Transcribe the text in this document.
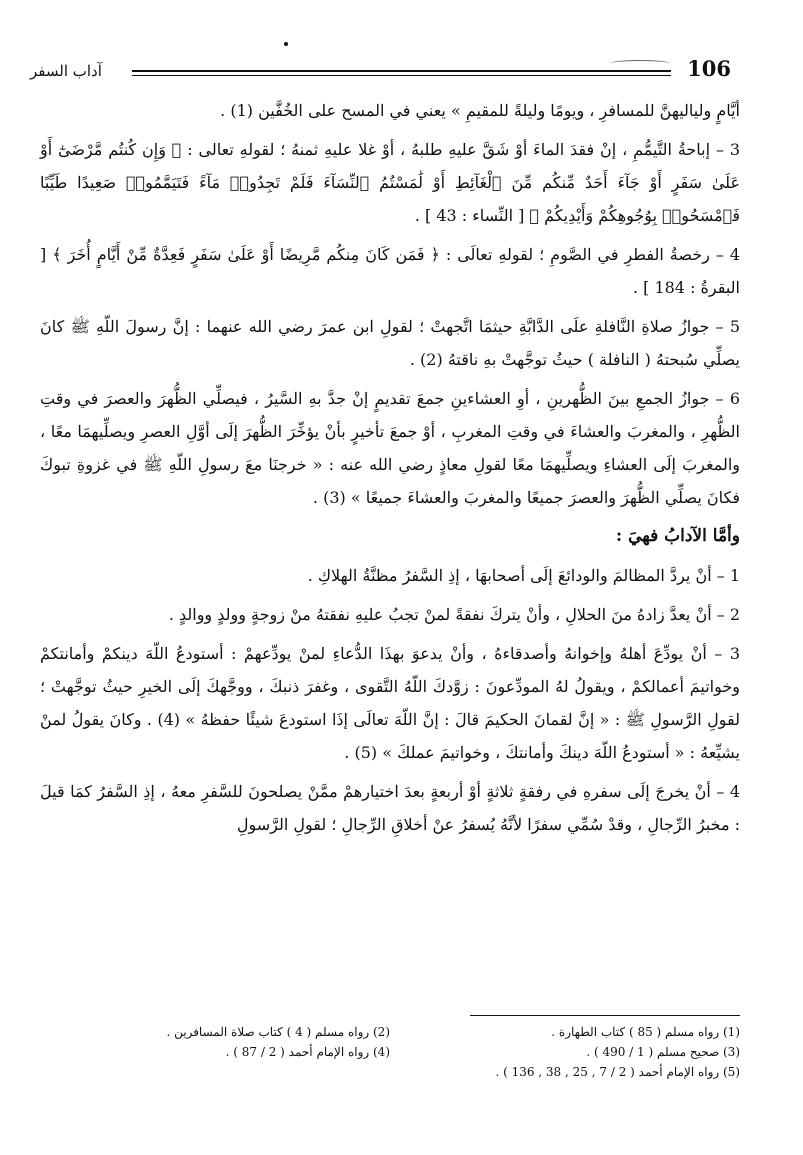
آداب السفر	106

أيَّامٍ ولياليهنَّ للمسافرِ ، ويومًا وليلةً للمقيمِ » يعني في المسح على الخُفَّين (1) .

3 – إباحةُ التَّيمُّمِ ، إنْ فقدَ الماءَ أوْ شَقَّ عليهِ طلبهُ ، أوْ غلا عليهِ ثمنهُ ؛ لقولهِ تعالى : ﴿ وَإِن كُنتُم مَّرْضَىٰٓ أَوْ عَلَىٰ سَفَرٍ أَوْ جَآءَ أَحَدٌ مِّنكُم مِّنَ ٱلْغَآئِطِ أَوْ لَٰمَسْتُمُ ٱلنِّسَآءَ فَلَمْ تَجِدُوا۟ مَآءً فَتَيَمَّمُوا۟ صَعِيدًا طَيِّبًا فَٱمْسَحُوا۟ بِوُجُوهِكُمْ وَأَيْدِيكُمْ ﴾ [ النِّساء : 43 ] .

4 – رخصةُ الفطرِ في الصَّومِ ؛ لقولهِ تعالَى : ﴿ فَمَن كَانَ مِنكُم مَّرِيضًا أَوْ عَلَىٰ سَفَرٍ فَعِدَّةٌ مِّنْ أَيَّامٍ أُخَرَ ﴾ [ البقرةُ : 184 ] .

5 – جوازُ صلاةِ النَّافلةِ علَى الدَّابَّةِ حيثمَا اتَّجهتْ ؛ لقولِ ابن عمرَ رضي الله عنهما : إنَّ رسولَ اللّهِ ﷺ كانَ يصلِّي سُبحتهُ ( النافلة ) حيثُ توجَّهتْ بهِ ناقتهُ (2) .

6 – جوازُ الجمعِ بينَ الظُّهرينِ ، أوِ العشاءينِ جمعَ تقديمٍ إنْ جدَّ بهِ السَّيرُ ، فيصلِّي الظُّهرَ والعصرَ في وقتِ الظُّهرِ ، والمغربَ والعشاءَ في وقتِ المغربِ ، أوْ جمعَ تأخيرٍ بأنْ يؤخِّرَ الظُّهرَ إلَى أوَّلِ العصرِ ويصلِّيهمَا معًا ، والمغربَ إلَى العشاءِ ويصلِّيهمَا معًا لقولِ معاذٍ رضي الله عنه : « خرجنَا معَ رسولِ اللّهِ ﷺ في غزوةِ تبوكَ فكانَ يصلِّي الظُّهرَ والعصرَ جميعًا والمغربَ والعشاءَ جميعًا » (3) .

وأمَّا الآدابُ فهيَ :

1 – أنْ يردَّ المظالمَ والودائعَ إلَى أصحابهَا ، إذِ السَّفرُ مظنَّةُ الهلاكِ .

2 – أنْ يعدَّ زادهُ منَ الحلالِ ، وأنْ يتركَ نفقةً لمنْ تجبُ عليهِ نفقتهُ منْ زوجةٍ وولدٍ ووالدٍ .

3 – أنْ يودِّعَ أهلهُ وإخوانهُ وأصدقاءهُ ، وأنْ يدعوَ بهذَا الدُّعاءِ لمنْ يودِّعهمْ : أستودعُ اللّهَ دينكمْ وأمانتكمْ وخواتيمَ أعمالكمْ ، ويقولُ لهُ المودِّعونَ : زوَّدكَ اللّهُ التَّقوى ، وغفرَ ذنبكَ ، ووجَّهكَ إلَى الخيرِ حيثُ توجَّهتْ ؛ لقولِ الرَّسولِ ﷺ : « إنَّ لقمانَ الحكيمَ قالَ : إنَّ اللّهَ تعالَى إذَا استودعَ شيئًا حفظهُ » (4) . وكانَ يقولُ لمنْ يشيِّعهُ : « أستودعُ اللّهَ دينكَ وأمانتكَ ، وخواتيمَ عملكَ » (5) .

4 – أنْ يخرجَ إلَى سفرهِ في رفقةٍ ثلاثةٍ أوْ أربعةٍ بعدَ اختيارهمْ ممَّنْ يصلحونَ للسَّفرِ معهُ ، إذِ السَّفرُ كمَا قيلَ : مخبرُ الرِّجالِ ، وقدْ سُمِّي سفرًا لأنَّهُ يُسفرُ عنْ أخلاقِ الرِّجالِ ؛ لقولِ الرَّسولِ

(1) رواه مسلم ( 85 ) كتاب الطهارة .
(2) رواه مسلم ( 4 ) كتاب صلاة المسافرين .
(3) صحيح مسلم ( 1 / 490 ) .
(4) رواه الإمام أحمد ( 2 / 87 ) .
(5) رواه الإمام أحمد ( 2 / 7 , 25 , 38 , 136 ) .
